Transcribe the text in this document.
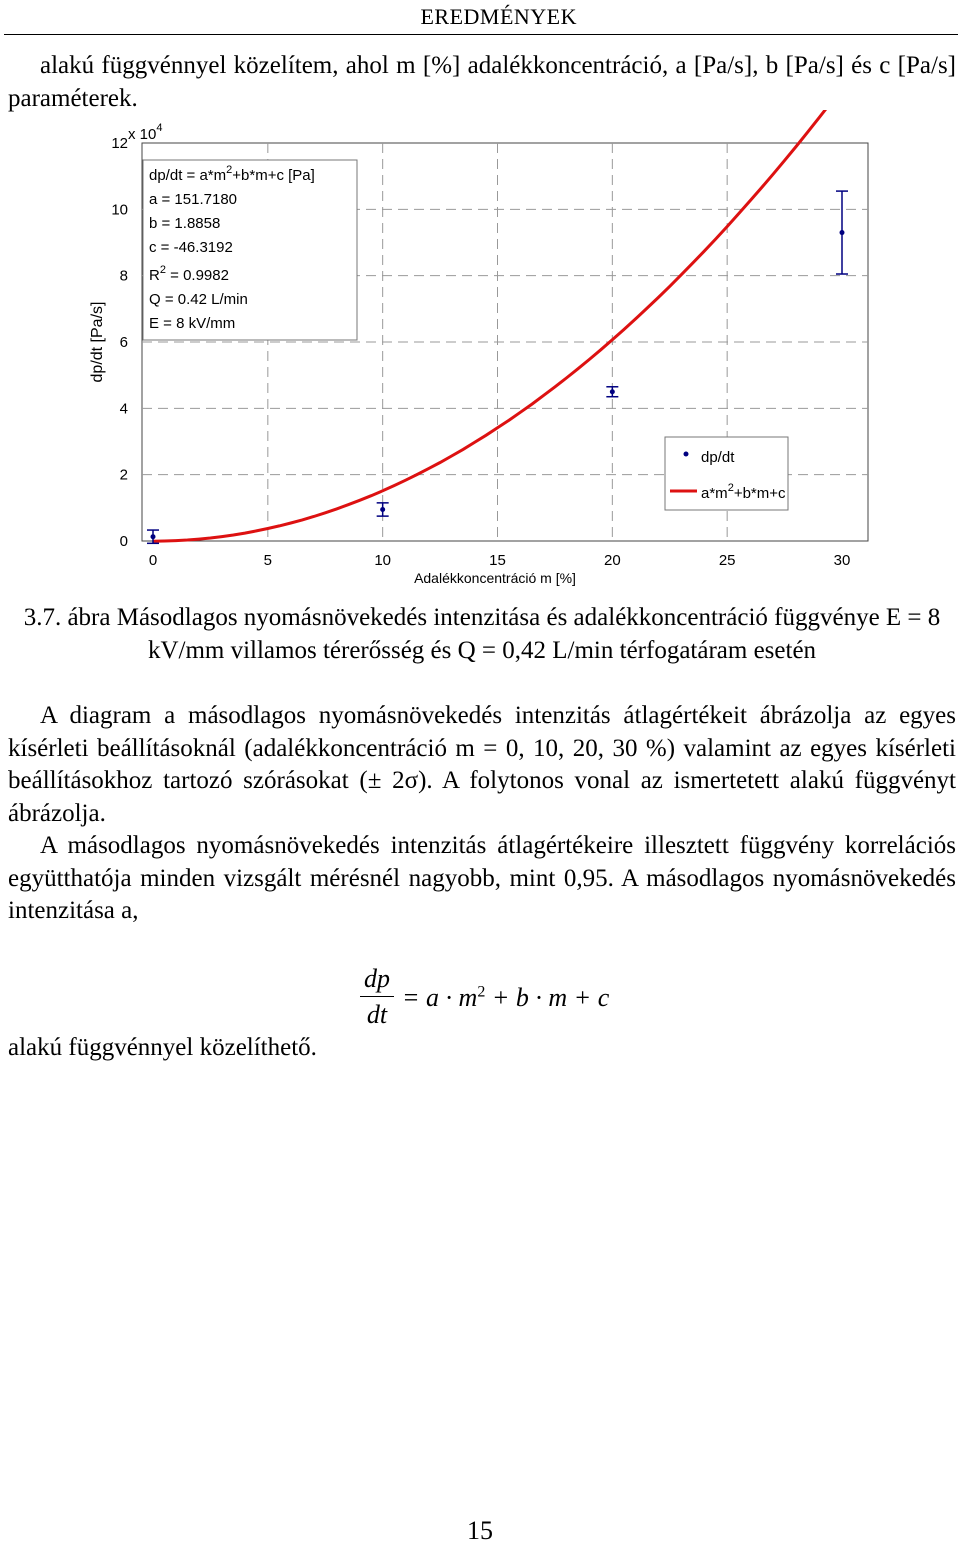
EREDMÉNYEK

alakú függvénnyel közelítem, ahol m [%] adalékkoncentráció, a [Pa/s], b [Pa/s] és c [Pa/s] paraméterek.

0
2
4
6
8
10
12
0	5	10	15	20	25	30
x $10^4$
dp/dt [Pa/s]
Adalékkoncentráció m [%]
$dp/dt = a*m^2+b*m+c$ [Pa]
a = 151.7180
b = 1.8858
c = -46.3192
$R^2 = 0.9982$
Q = 0.42 L/min
E = 8 kV/mm
dp/dt
$a*m^2+b*m+c$

3.7. ábra Másodlagos nyomásnövekedés intenzitása és adalékkoncentráció függvénye E = 8 kV/mm villamos térerősség és Q = 0,42 L/min térfogatáram esetén

A diagram a másodlagos nyomásnövekedés intenzitás átlagértékeit ábrázolja az egyes kísérleti beállításoknál (adalékkoncentráció m = 0, 10, 20, 30 %) valamint az egyes kísérleti beállításokhoz tartozó szórásokat (± 2σ). A folytonos vonal az ismertetett alakú függvényt ábrázolja.

A másodlagos nyomásnövekedés intenzitás átlagértékeire illesztett függvény korrelációs együtthatója minden vizsgált mérésnél nagyobb, mint 0,95. A másodlagos nyomásnövekedés intenzitása a,

$\frac{dp}{dt} = a \cdot m^2 + b \cdot m + c$

alakú függvénnyel közelíthető.

15
